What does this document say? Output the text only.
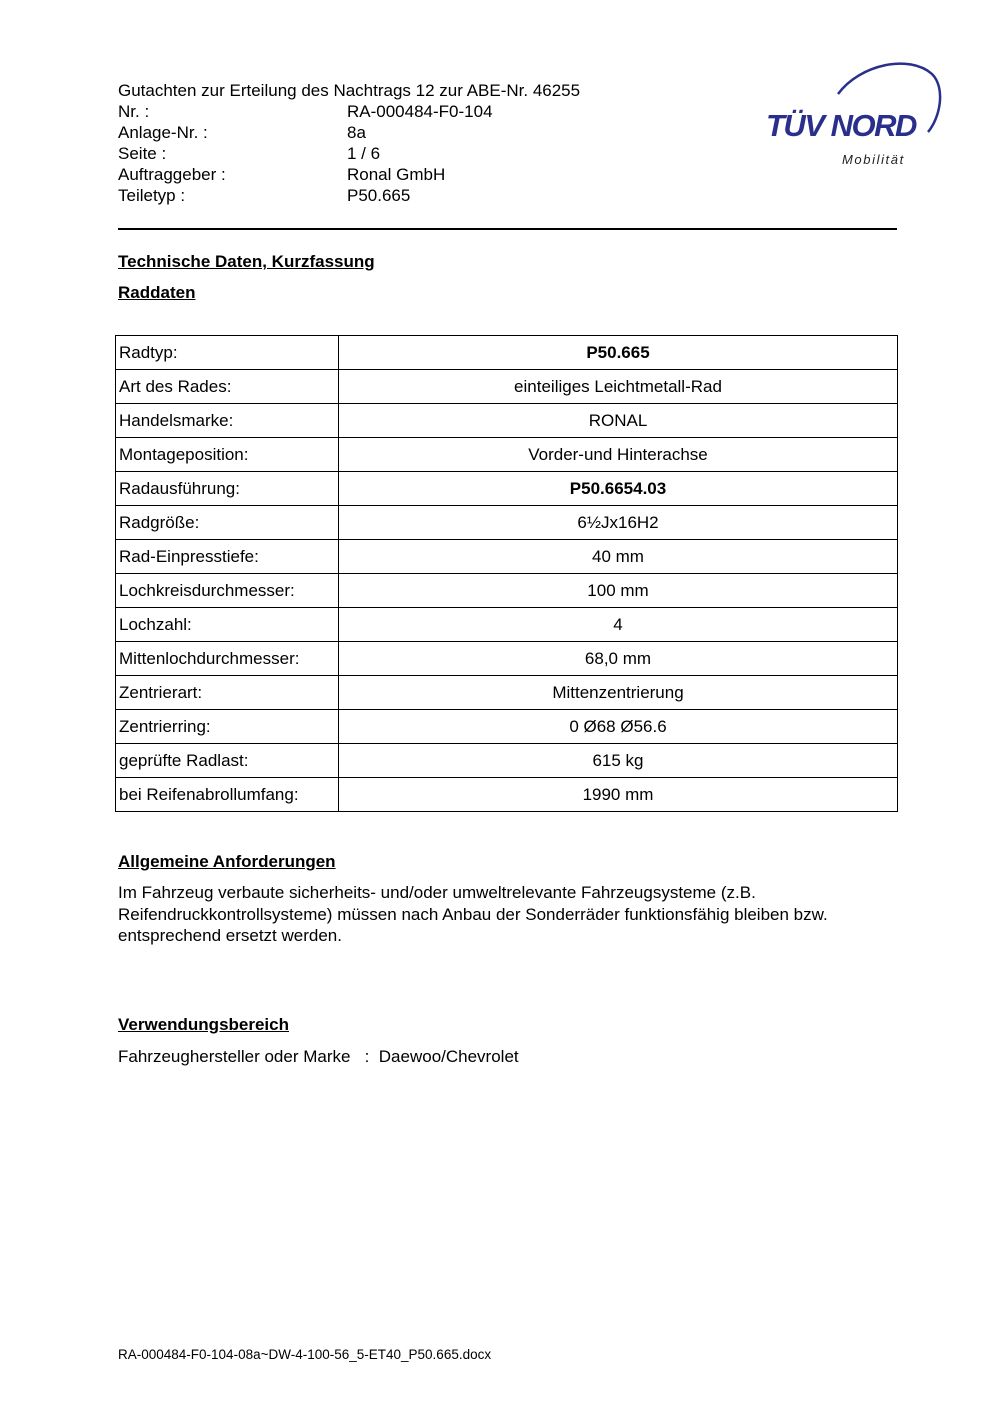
Gutachten zur Erteilung des Nachtrags 12 zur ABE-Nr. 46255
Nr. :	RA-000484-F0-104
Anlage-Nr. :	8a
Seite :	1 / 6
Auftraggeber :	Ronal GmbH
Teiletyp :	P50.665
TÜV NORD
Mobilität
Technische Daten, Kurzfassung
Raddaten
Radtyp:	P50.665
Art des Rades:	einteiliges Leichtmetall-Rad
Handelsmarke:	RONAL
Montageposition:	Vorder-und Hinterachse
Radausführung:	P50.6654.03
Radgröße:	6½Jx16H2
Rad-Einpresstiefe:	40 mm
Lochkreisdurchmesser:	100 mm
Lochzahl:	4
Mittenlochdurchmesser:	68,0 mm
Zentrierart:	Mittenzentrierung
Zentrierring:	0 Ø68 Ø56.6
geprüfte Radlast:	615 kg
bei Reifenabrollumfang:	1990 mm
Allgemeine Anforderungen
Im Fahrzeug verbaute sicherheits- und/oder umweltrelevante Fahrzeugsysteme (z.B. Reifendruckkontrollsysteme) müssen nach Anbau der Sonderräder funktionsfähig bleiben bzw. entsprechend ersetzt werden.
Verwendungsbereich
Fahrzeughersteller oder Marke   :  Daewoo/Chevrolet
RA-000484-F0-104-08a~DW-4-100-56_5-ET40_P50.665.docx
